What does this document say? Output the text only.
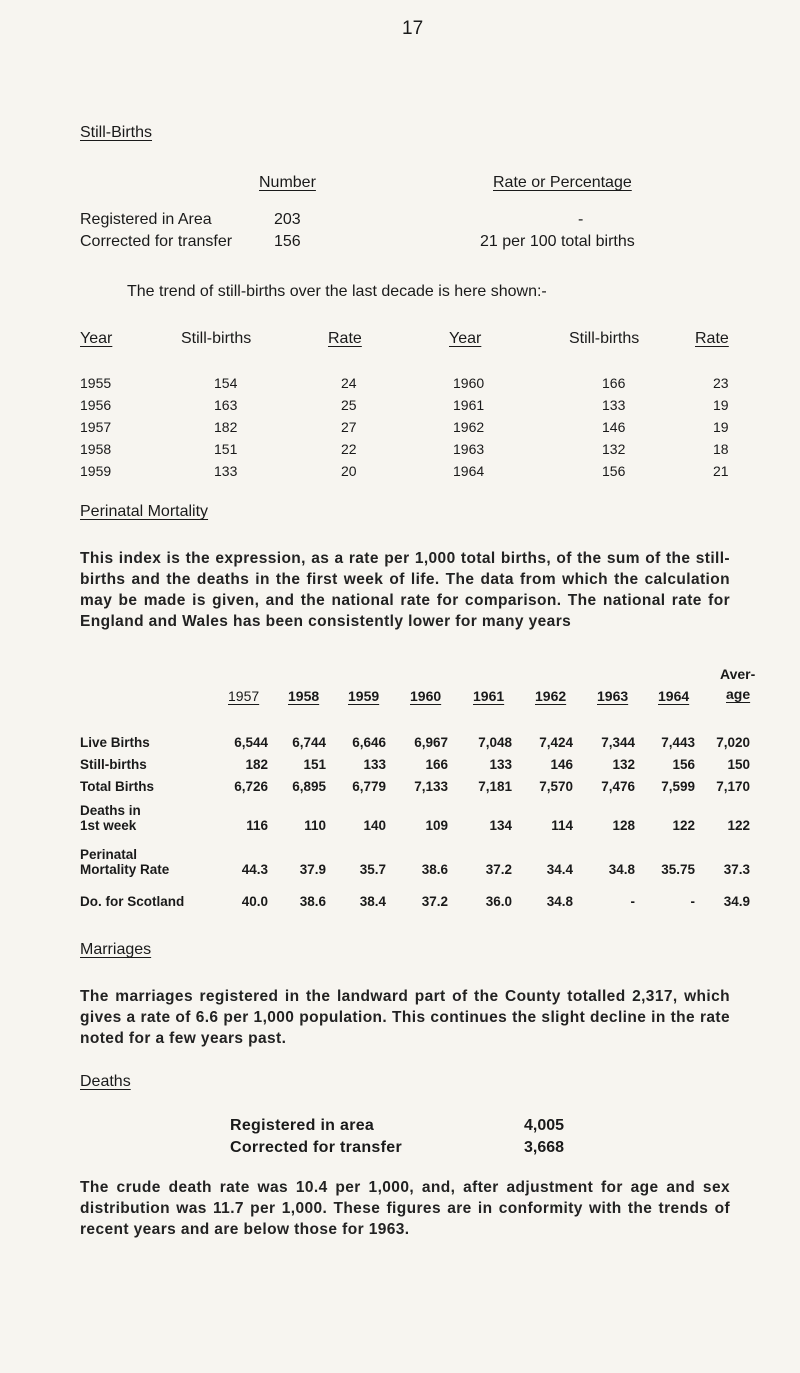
17
Still-Births
Number	Rate or Percentage
Registered in Area	203	-
Corrected for transfer	156	21 per 100 total births
The trend of still-births over the last decade is here shown:-
Year	Still-births	Rate	Year	Still-births	Rate
1955	154	24	1960	166	23
1956	163	25	1961	133	19
1957	182	27	1962	146	19
1958	151	22	1963	132	18
1959	133	20	1964	156	21
Perinatal Mortality
This index is the expression, as a rate per 1,000 total births, of the sum of the still-births and the deaths in the first week of life. The data from which the calculation may be made is given, and the national rate for comparison. The national rate for England and Wales has been consistently lower for many years
1957 1958 1959 1960 1961 1962 1963 1964
Aver-
age
Live Births	6,544	6,744	6,646	6,967	7,048	7,424	7,344	7,443	7,020
Still-births	182	151	133	166	133	146	132	156	150
Total Births	6,726	6,895	6,779	7,133	7,181	7,570	7,476	7,599	7,170
Deaths in
1st week	116	110	140	109	134	114	128	122	122
Perinatal
Mortality Rate	44.3	37.9	35.7	38.6	37.2	34.4	34.8	35.75	37.3
Do. for Scotland	40.0	38.6	38.4	37.2	36.0	34.8	-	-	34.9
Marriages
The marriages registered in the landward part of the County totalled 2,317, which gives a rate of 6.6 per 1,000 population. This continues the slight decline in the rate noted for a few years past.
Deaths
Registered in area	4,005
Corrected for transfer	3,668
The crude death rate was 10.4 per 1,000, and, after adjustment for age and sex distribution was 11.7 per 1,000. These figures are in conformity with the trends of recent years and are below those for 1963.
